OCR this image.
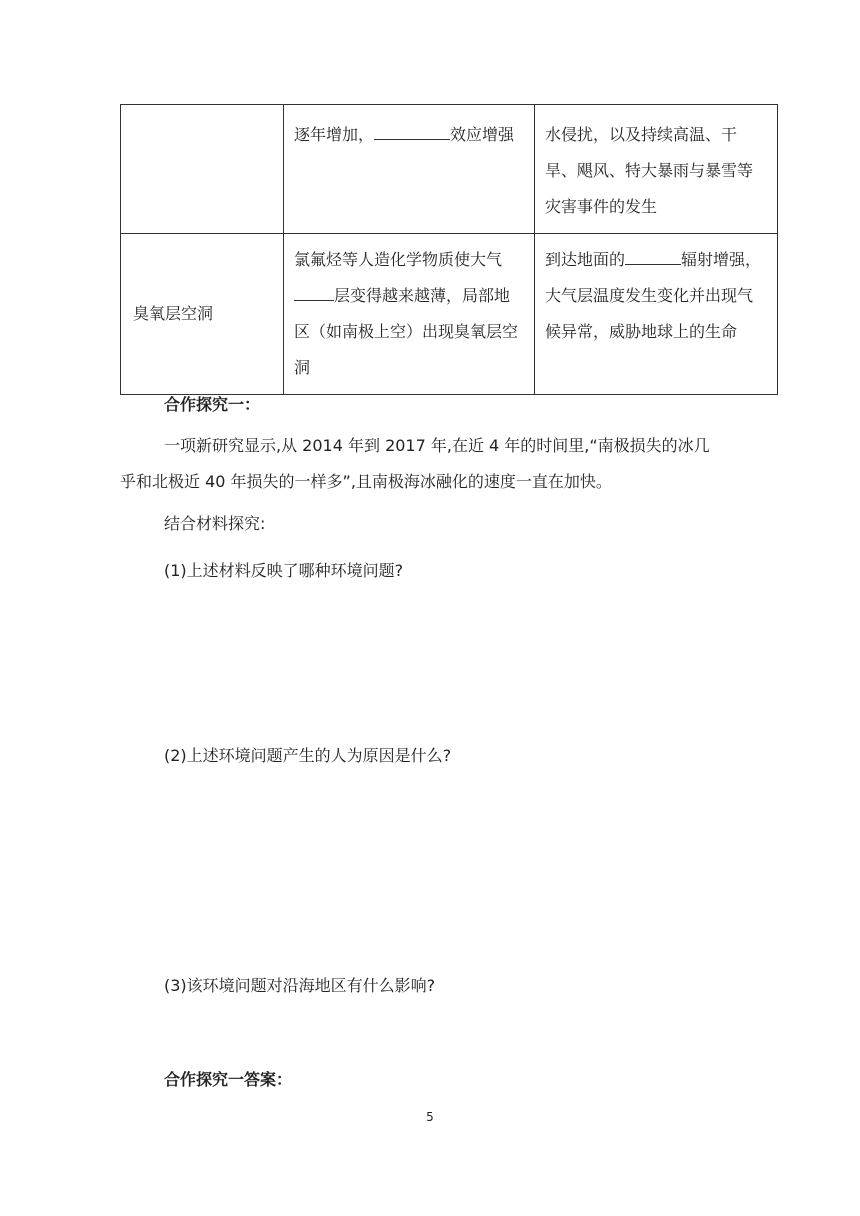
	逐年增加， 效应增强	水侵扰，以及持续高温、干旱、飓风、特大暴雨与暴雪等灾害事件的发生
臭氧层空洞	氯氟烃等人造化学物质使大气层变得越来越薄，局部地区（如南极上空）出现臭氧层空洞	到达地面的 辐射增强，大气层温度发生变化并出现气候异常，威胁地球上的生命

合作探究一：

一项新研究显示,从 2014 年到 2017 年,在近 4 年的时间里,“南极损失的冰几
乎和北极近 40 年损失的一样多”,且南极海冰融化的速度一直在加快。

结合材料探究:

(1)上述材料反映了哪种环境问题?

(2)上述环境问题产生的人为原因是什么?

(3)该环境问题对沿海地区有什么影响?

合作探究一答案：

5
